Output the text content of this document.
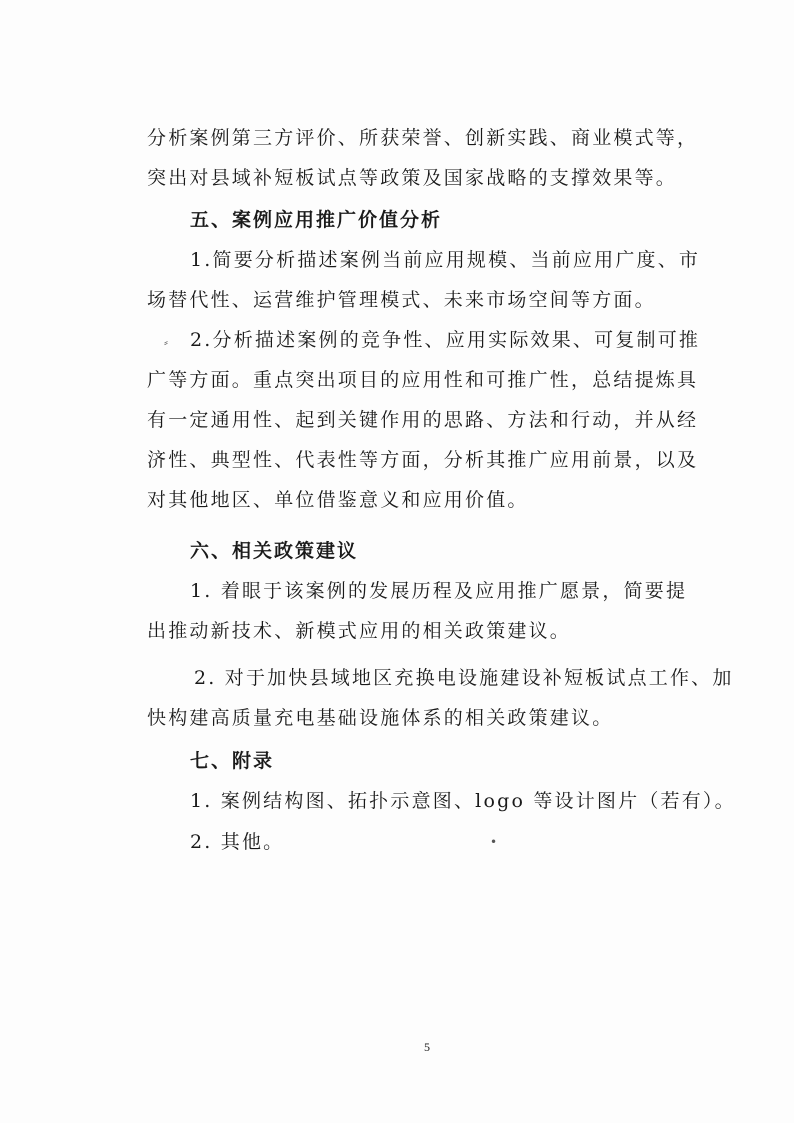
分析案例第三方评价、所获荣誉、创新实践、商业模式等，
突出对县域补短板试点等政策及国家战略的支撑效果等。
五、案例应用推广价值分析
1.简要分析描述案例当前应用规模、当前应用广度、市
场替代性、运营维护管理模式、未来市场空间等方面。
2.分析描述案例的竞争性、应用实际效果、可复制可推
广等方面。重点突出项目的应用性和可推广性，总结提炼具
有一定通用性、起到关键作用的思路、方法和行动，并从经
济性、典型性、代表性等方面，分析其推广应用前景，以及
对其他地区、单位借鉴意义和应用价值。
六、相关政策建议
1. 着眼于该案例的发展历程及应用推广愿景，简要提
出推动新技术、新模式应用的相关政策建议。
2. 对于加快县域地区充换电设施建设补短板试点工作、加
快构建高质量充电基础设施体系的相关政策建议。
七、附录
1. 案例结构图、拓扑示意图、logo 等设计图片（若有）。
2. 其他。
⸗
•
5
